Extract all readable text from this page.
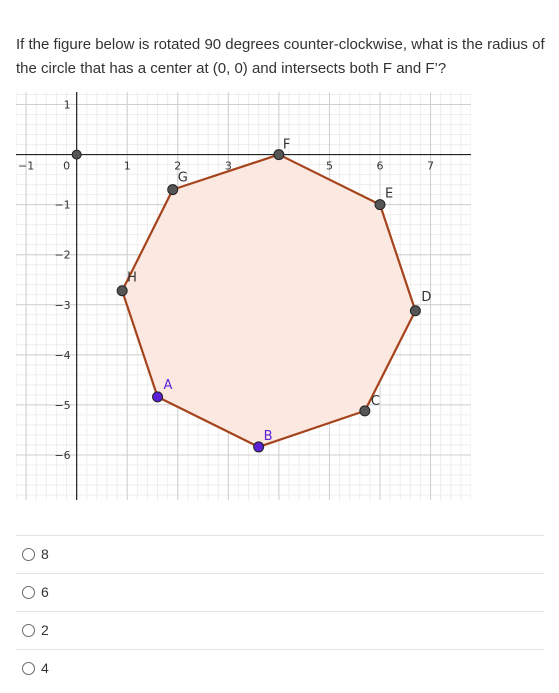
If the figure below is rotated 90 degrees counter-clockwise, what is the radius of the circle that has a center at (0, 0) and intersects both F and F’?
−1	0	1	2	3	5	6	7
1
−1
−2
−3
−4
−5
−6
F
E
D
C
B
A
H
G
8
6
2
4
